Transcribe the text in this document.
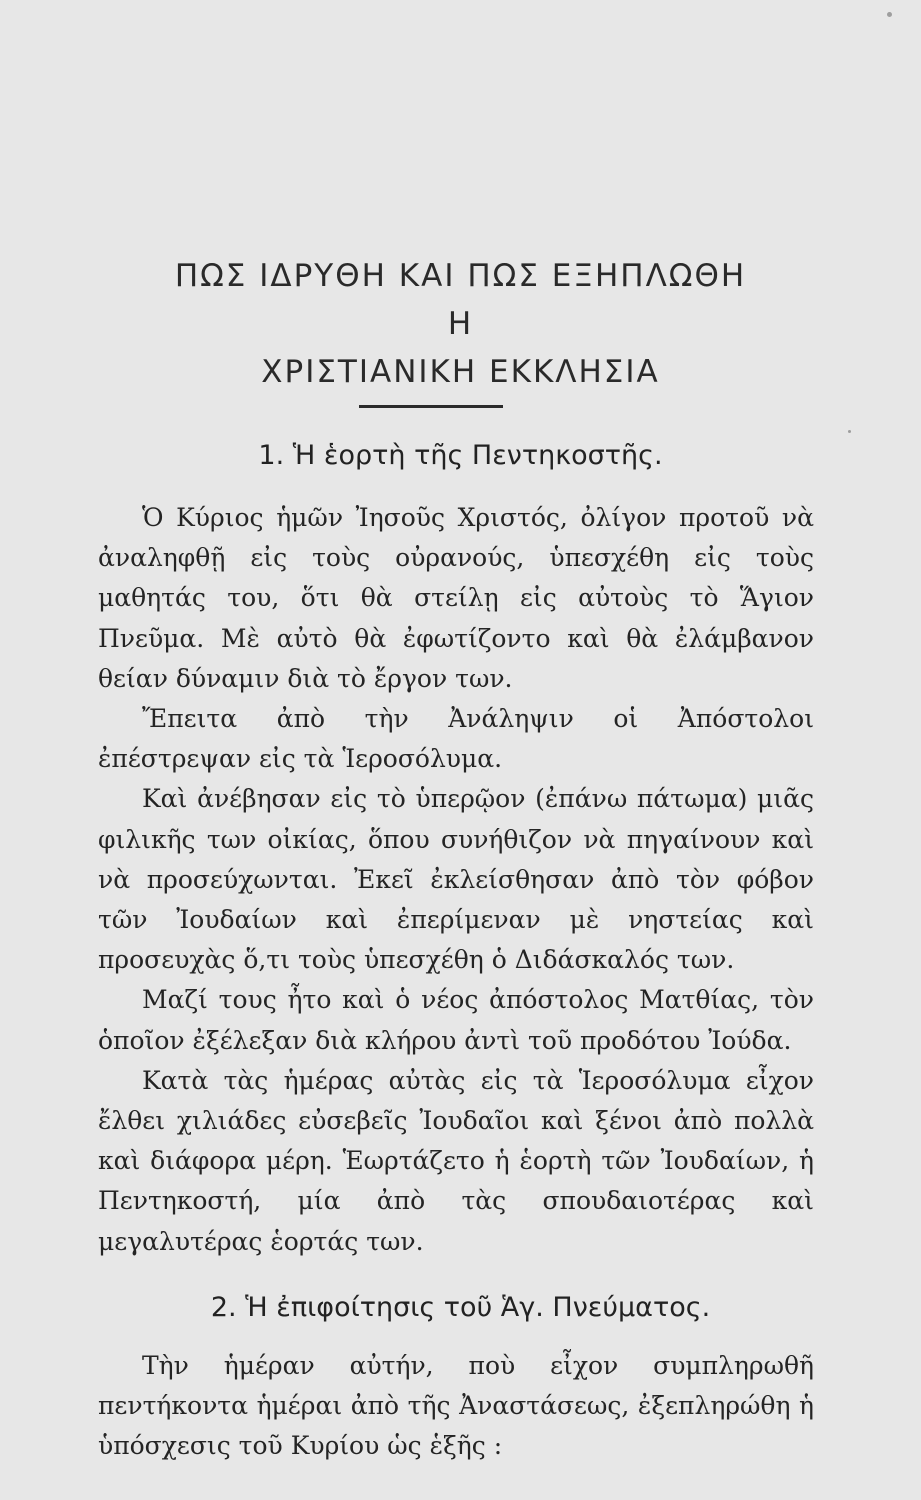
ΠΩΣ ΙΔΡΥΘΗ ΚΑΙ ΠΩΣ ΕΞΗΠΛΩΘΗ
Η
ΧΡΙΣΤΙΑΝΙΚΗ ΕΚΚΛΗΣΙΑ
1. Ἡ ἑορτὴ τῆς Πεντηκοστῆς.

Ὁ Κύριος ἡμῶν Ἰησοῦς Χριστός, ὀλίγον προτοῦ νὰ ἀναληφθῇ εἰς τοὺς οὐρανούς, ὑπεσχέθη εἰς τοὺς μαθητάς του, ὅτι θὰ στείλῃ εἰς αὐτοὺς τὸ Ἅγιον Πνεῦμα. Μὲ αὐτὸ θὰ ἐφωτίζοντο καὶ θὰ ἐλάμβανον θείαν δύναμιν διὰ τὸ ἔργον των.

Ἔπειτα ἀπὸ τὴν Ἀνάληψιν οἱ Ἀπόστολοι ἐπέστρεψαν εἰς τὰ Ἱεροσόλυμα.

Καὶ ἀνέβησαν εἰς τὸ ὑπερῷον (ἐπάνω πάτωμα) μιᾶς φιλικῆς των οἰκίας, ὅπου συνήθιζον νὰ πηγαίνουν καὶ νὰ προσεύχωνται. Ἐκεῖ ἐκλείσθησαν ἀπὸ τὸν φόβον τῶν Ἰουδαίων καὶ ἐπερίμεναν μὲ νηστείας καὶ προσευχὰς ὅ,τι τοὺς ὑπεσχέθη ὁ Διδάσκαλός των.

Μαζί τους ἦτο καὶ ὁ νέος ἀπόστολος Ματθίας, τὸν ὁποῖον ἐξέλεξαν διὰ κλήρου ἀντὶ τοῦ προδότου Ἰούδα.

Κατὰ τὰς ἡμέρας αὐτὰς εἰς τὰ Ἱεροσόλυμα εἶχον ἔλθει χιλιάδες εὐσεβεῖς Ἰουδαῖοι καὶ ξένοι ἀπὸ πολλὰ καὶ διάφορα μέρη. Ἑωρτάζετο ἡ ἑορτὴ τῶν Ἰουδαίων, ἡ Πεντηκοστή, μία ἀπὸ τὰς σπουδαιοτέρας καὶ μεγαλυτέρας ἑορτάς των.

2. Ἡ ἐπιφοίτησις τοῦ Ἁγ. Πνεύματος.

Τὴν ἡμέραν αὐτήν, ποὺ εἶχον συμπληρωθῆ πεντήκοντα ἡμέραι ἀπὸ τῆς Ἀναστάσεως, ἐξεπληρώθη ἡ ὑπόσχεσις τοῦ Κυρίου ὡς ἑξῆς :
